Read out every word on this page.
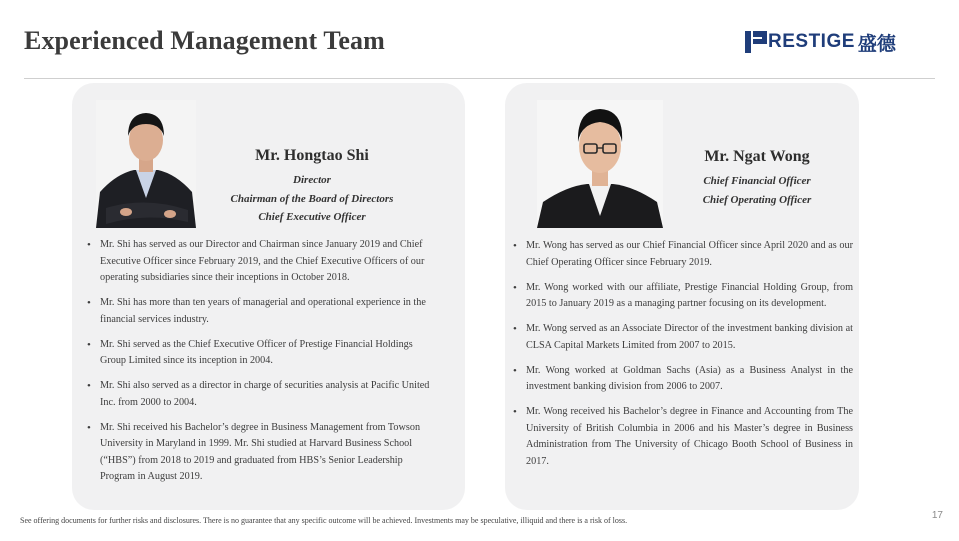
Experienced Management Team	RESTIGE 盛德
Mr. Hongtao Shi
Director
Chairman of the Board of Directors
Chief Executive Officer
• Mr. Shi has served as our Director and Chairman since January 2019 and Chief Executive Officer since February 2019, and the Chief Executive Officers of our operating subsidiaries since their inceptions in October 2018.
• Mr. Shi has more than ten years of managerial and operational experience in the financial services industry.
• Mr. Shi served as the Chief Executive Officer of Prestige Financial Holdings Group Limited since its inception in 2004.
• Mr. Shi also served as a director in charge of securities analysis at Pacific United Inc. from 2000 to 2004.
• Mr. Shi received his Bachelor’s degree in Business Management from Towson University in Maryland in 1999. Mr. Shi studied at Harvard Business School (“HBS”) from 2018 to 2019 and graduated from HBS’s Senior Leadership Program in August 2019.
Mr. Ngat Wong
Chief Financial Officer
Chief Operating Officer
• Mr. Wong has served as our Chief Financial Officer since April 2020 and as our Chief Operating Officer since February 2019.
• Mr. Wong worked with our affiliate, Prestige Financial Holding Group, from 2015 to January 2019 as a managing partner focusing on its development.
• Mr. Wong served as an Associate Director of the investment banking division at CLSA Capital Markets Limited from 2007 to 2015.
• Mr. Wong worked at Goldman Sachs (Asia) as a Business Analyst in the investment banking division from 2006 to 2007.
• Mr. Wong received his Bachelor’s degree in Finance and Accounting from The University of British Columbia in 2006 and his Master’s degree in Business Administration from The University of Chicago Booth School of Business in 2017.
See offering documents for further risks and disclosures. There is no guarantee that any specific outcome will be achieved. Investments may be speculative, illiquid and there is a risk of loss.	17
